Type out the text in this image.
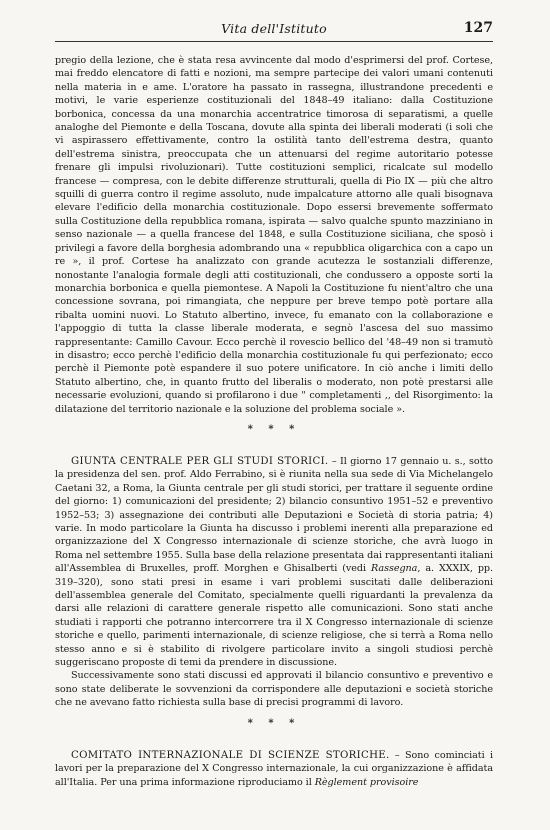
Vita dell'Istituto	127

pregio della lezione, che è stata resa avvincente dal modo d'esprimersi del prof. Cortese, mai freddo elencatore di fatti e nozioni, ma sempre partecipe dei valori umani contenuti nella materia in e ame. L'oratore ha passato in rassegna, illustrandone precedenti e motivi, le varie esperienze costituzionali del 1848–49 italiano: dalla Costituzione borbonica, concessa da una monarchia accentratrice timorosa di separatismi, a quelle analoghe del Piemonte e della Toscana, dovute alla spinta dei liberali moderati (i soli che vi aspirassero effettivamente, contro la ostilità tanto dell'estrema destra, quanto dell'estrema sinistra, preoccupata che un attenuarsi del regime autoritario potesse frenare gli impulsi rivoluzionari). Tutte costituzioni semplici, ricalcate sul modello francese — compresa, con le debite differenze strutturali, quella di Pio IX — più che altro squilli di guerra contro il regime assoluto, nude impalcature attorno alle quali bisognava elevare l'edificio della monarchia costituzionale. Dopo essersi brevemente soffermato sulla Costituzione della repubblica romana, ispirata — salvo qualche spunto mazziniano in senso nazionale — a quella francese del 1848, e sulla Costituzione siciliana, che sposò i privilegi a favore della borghesia adombrando una « repubblica oligarchica con a capo un re », il prof. Cortese ha analizzato con grande acutezza le sostanziali differenze, nonostante l'analogia formale degli atti costituzionali, che condussero a opposte sorti la monarchia borbonica e quella piemontese. A Napoli la Costituzione fu nient'altro che una concessione sovrana, poi rimangiata, che neppure per breve tempo potè portare alla ribalta uomini nuovi. Lo Statuto albertino, invece, fu emanato con la collaborazione e l'appoggio di tutta la classe liberale moderata, e segnò l'ascesa del suo massimo rappresentante: Camillo Cavour. Ecco perchè il rovescio bellico del '48–49 non si tramutò in disastro; ecco perchè l'edificio della monarchia costituzionale fu qui perfezionato; ecco perchè il Piemonte potè espandere il suo potere unificatore. In ciò anche i limiti dello Statuto albertino, che, in quanto frutto del liberalis o moderato, non potè prestarsi alle necessarie evoluzioni, quando si profilarono i due " completamenti ,, del Risorgimento: la dilatazione del territorio nazionale e la soluzione del problema sociale ».

* * *

GIUNTA CENTRALE PER GLI STUDI STORICI. – Il giorno 17 gennaio u. s., sotto la presidenza del sen. prof. Aldo Ferrabino, si è riunita nella sua sede di Via Michelangelo Caetani 32, a Roma, la Giunta centrale per gli studi storici, per trattare il seguente ordine del giorno: 1) comunicazioni del presidente; 2) bilancio consuntivo 1951–52 e preventivo 1952–53; 3) assegnazione dei contributi alle Deputazioni e Società di storia patria; 4) varie. In modo particolare la Giunta ha discusso i problemi inerenti alla preparazione ed organizzazione del X Congresso internazionale di scienze storiche, che avrà luogo in Roma nel settembre 1955. Sulla base della relazione presentata dai rappresentanti italiani all'Assemblea di Bruxelles, proff. Morghen e Ghisalberti (vedi Rassegna, a. XXXIX, pp. 319–320), sono stati presi in esame i vari problemi suscitati dalle deliberazioni dell'assemblea generale del Comitato, specialmente quelli riguardanti la prevalenza da darsi alle relazioni di carattere generale rispetto alle comunicazioni. Sono stati anche studiati i rapporti che potranno intercorrere tra il X Congresso internazionale di scienze storiche e quello, parimenti internazionale, di scienze religiose, che si terrà a Roma nello stesso anno e si è stabilito di rivolgere particolare invito a singoli studiosi perchè suggeriscano proposte di temi da prendere in discussione.

Successivamente sono stati discussi ed approvati il bilancio consuntivo e preventivo e sono state deliberate le sovvenzioni da corrispondere alle deputazioni e società storiche che ne avevano fatto richiesta sulla base di precisi programmi di lavoro.

* * *

COMITATO INTERNAZIONALE DI SCIENZE STORICHE. – Sono cominciati i lavori per la preparazione del X Congresso internazionale, la cui organizzazione è affidata all'Italia. Per una prima informazione riproduciamo il Règlement provisoire
